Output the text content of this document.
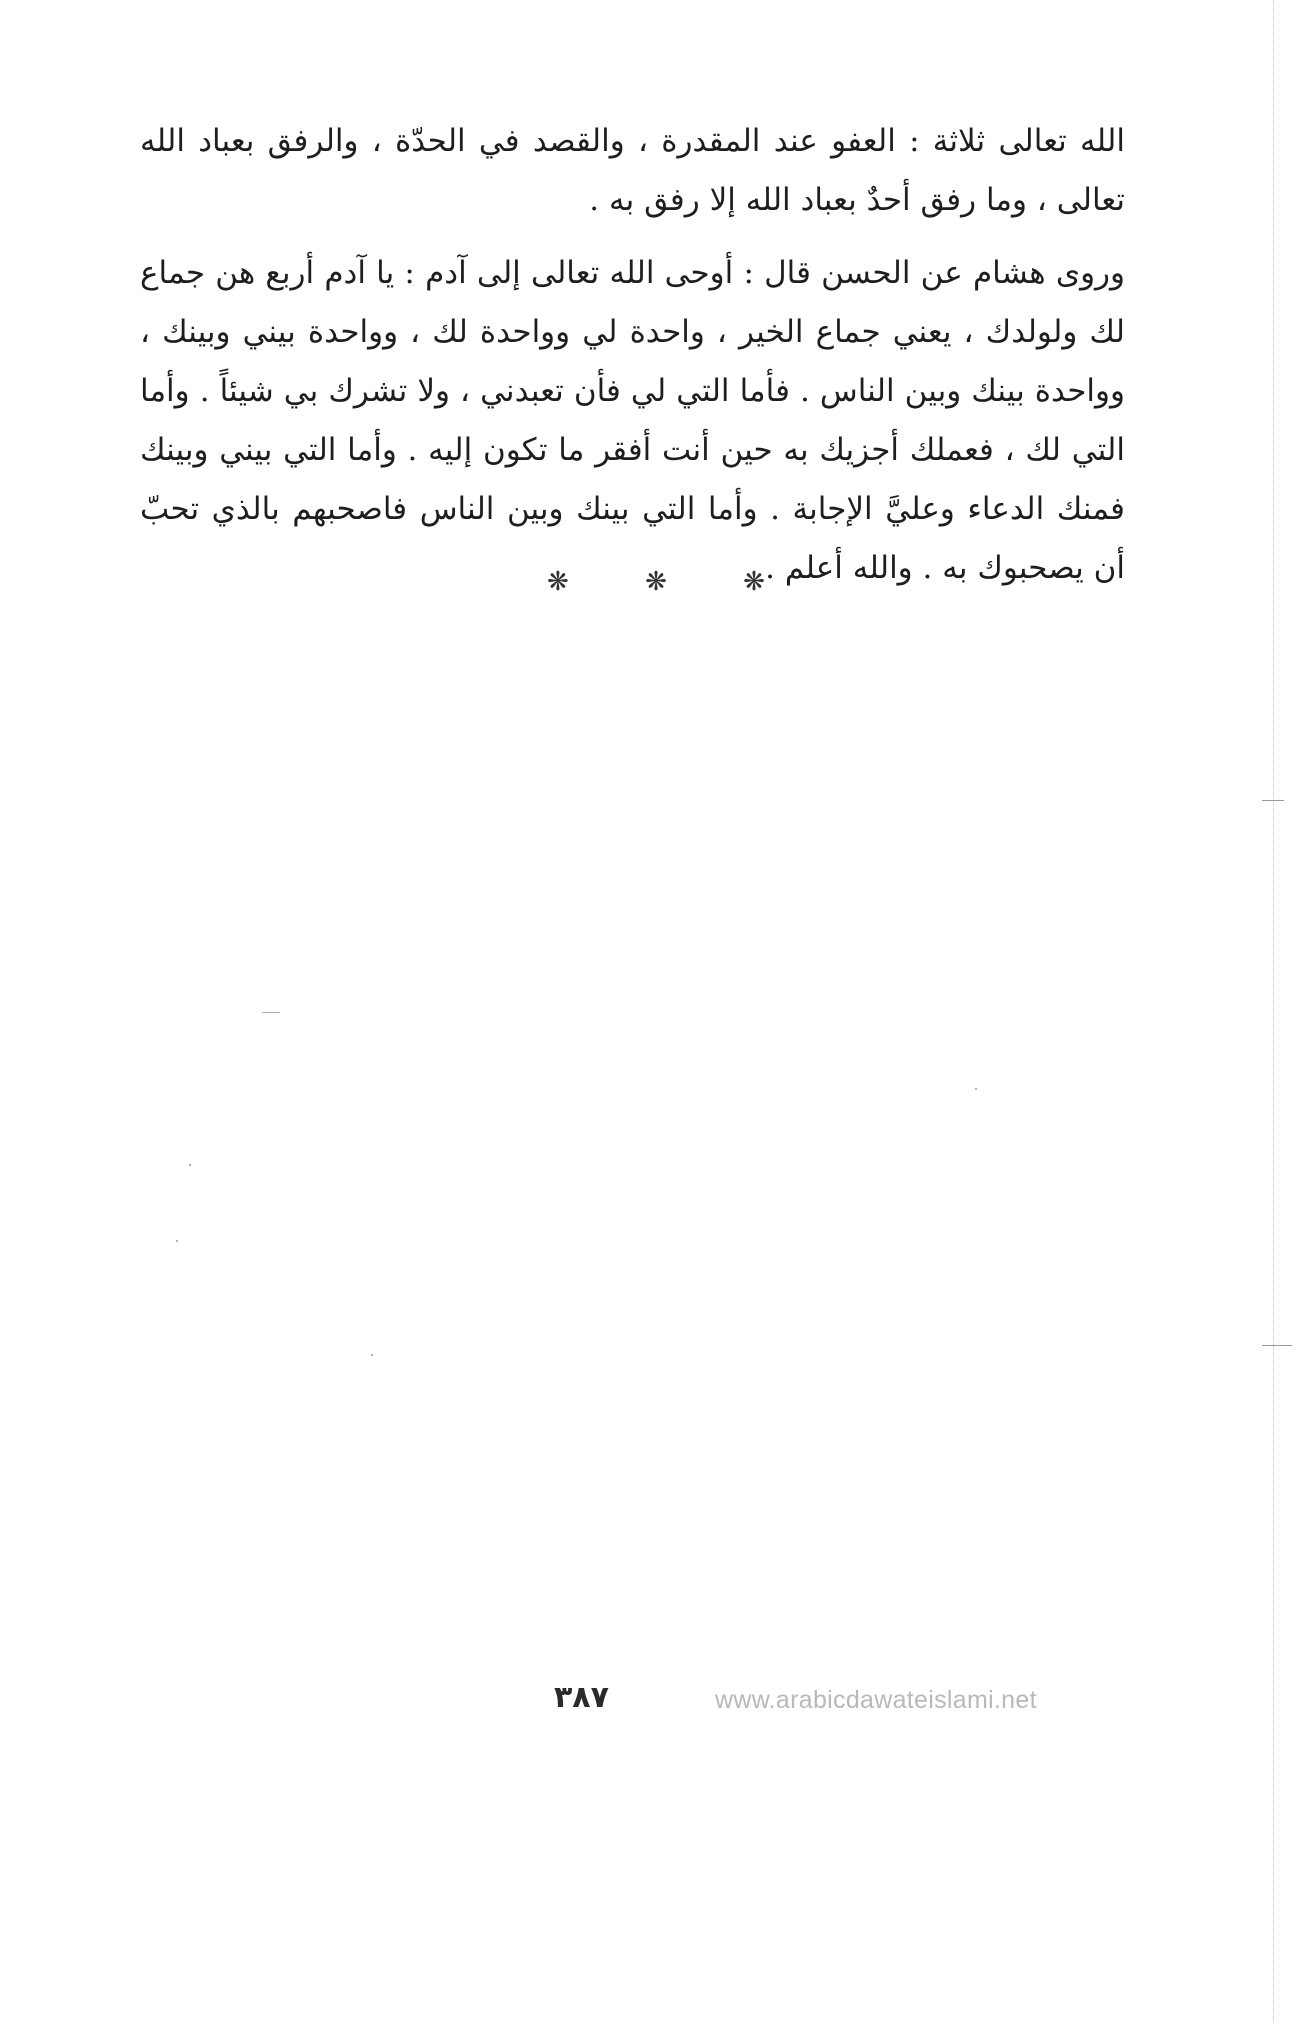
الله تعالى ثلاثة : العفو عند المقدرة ، والقصد في الحدّة ، والرفق بعباد الله تعالى ، وما رفق أحدٌ بعباد الله إلا رفق به .

وروى هشام عن الحسن قال : أوحى الله تعالى إلى آدم : يا آدم أربع هن جماع لك ولولدك ، يعني جماع الخير ، واحدة لي وواحدة لك ، وواحدة بيني وبينك ، وواحدة بينك وبين الناس . فأما التي لي فأن تعبدني ، ولا تشرك بي شيئاً . وأما التي لك ، فعملك أجزيك به حين أنت أفقر ما تكون إليه . وأما التي بيني وبينك فمنك الدعاء وعليَّ الإجابة . وأما التي بينك وبين الناس فاصحبهم بالذي تحبّ أن يصحبوك به . والله أعلم .

❋	❋	❋
٣٨٧	www.arabicdawateislami.net
